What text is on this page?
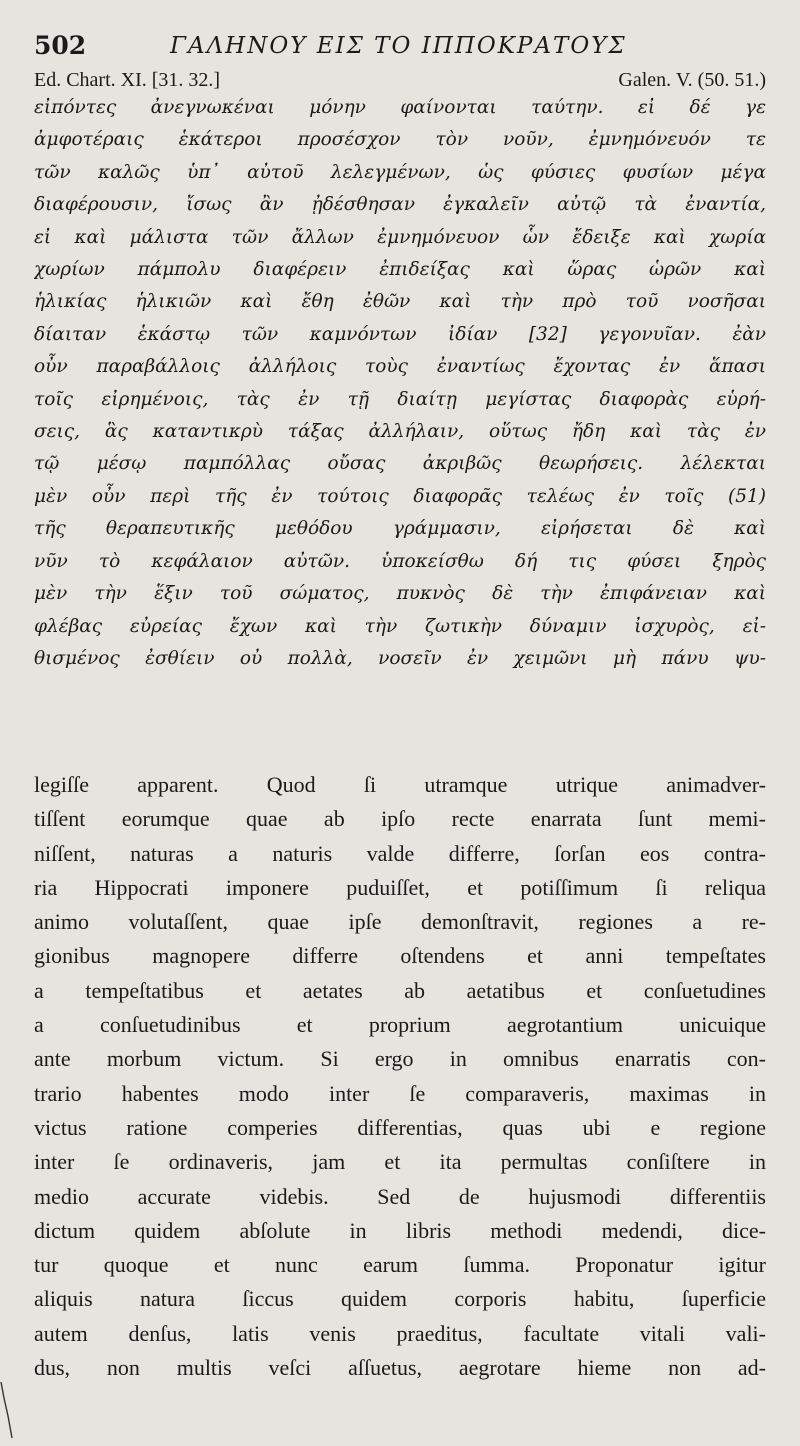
502	ΓΑΛΗΝΟΥ ΕΙΣ ΤΟ ΙΠΠΟΚΡΑΤΟΥΣ
Ed. Chart. XI. [31. 32.]	Galen. V. (50. 51.)
εἰπόντες ἀνεγνωκέναι μόνην φαίνονται ταύτην. εἰ δέ γε
ἀμφοτέραις ἑκάτεροι προσέσχον τὸν νοῦν, ἐμνημόνευόν τε
τῶν καλῶς ὑπ᾽ αὐτοῦ λελεγμένων, ὡς φύσιες φυσίων μέγα
διαφέρουσιν, ἴσως ἂν ᾐδέσθησαν ἐγκαλεῖν αὐτῷ τὰ ἐναντία,
εἰ καὶ μάλιστα τῶν ἄλλων ἐμνημόνευον ὧν ἔδειξε καὶ χωρία
χωρίων πάμπολυ διαφέρειν ἐπιδείξας καὶ ὥρας ὡρῶν καὶ
ἡλικίας ἡλικιῶν καὶ ἔθη ἐθῶν καὶ τὴν πρὸ τοῦ νοσῆσαι
δίαιταν ἑκάστῳ τῶν καμνόντων ἰδίαν [32] γεγονυῖαν. ἐὰν
οὖν παραβάλλοις ἀλλήλοις τοὺς ἐναντίως ἔχοντας ἐν ἅπασι
τοῖς εἰρημένοις, τὰς ἐν τῇ διαίτῃ μεγίστας διαφορὰς εὑρή-
σεις, ἃς καταντικρὺ τάξας ἀλλήλαιν, οὕτως ἤδη καὶ τὰς ἐν
τῷ μέσῳ παμπόλλας οὔσας ἀκριβῶς θεωρήσεις. λέλεκται
μὲν οὖν περὶ τῆς ἐν τούτοις διαφορᾶς τελέως ἐν τοῖς (51)
τῆς θεραπευτικῆς μεθόδου γράμμασιν, εἰρήσεται δὲ καὶ
νῦν τὸ κεφάλαιον αὐτῶν. ὑποκείσθω δή τις φύσει ξηρὸς
μὲν τὴν ἕξιν τοῦ σώματος, πυκνὸς δὲ τὴν ἐπιφάνειαν καὶ
φλέβας εὐρείας ἔχων καὶ τὴν ζωτικὴν δύναμιν ἰσχυρὸς, εἰ-
θισμένος ἐσθίειν οὐ πολλὰ, νοσεῖν ἐν χειμῶνι μὴ πάνυ ψυ-
legiſſe apparent. Quod ſi utramque utrique animadver-
tiſſent eorumque quae ab ipſo recte enarrata ſunt memi-
niſſent, naturas a naturis valde differre, ſorſan eos contra-
ria Hippocrati imponere puduiſſet, et potiſſimum ſi reliqua
animo volutaſſent, quae ipſe demonſtravit, regiones a re-
gionibus magnopere differre oſtendens et anni tempeſtates
a tempeſtatibus et aetates ab aetatibus et conſuetudines
a conſuetudinibus et proprium aegrotantium unicuique
ante morbum victum. Si ergo in omnibus enarratis con-
trario habentes modo inter ſe comparaveris, maximas in
victus ratione comperies differentias, quas ubi e regione
inter ſe ordinaveris, jam et ita permultas conſiſtere in
medio accurate videbis. Sed de hujusmodi differentiis
dictum quidem abſolute in libris methodi medendi, dice-
tur quoque et nunc earum ſumma. Proponatur igitur
aliquis natura ſiccus quidem corporis habitu, ſuperficie
autem denſus, latis venis praeditus, facultate vitali vali-
dus, non multis veſci aſſuetus, aegrotare hieme non ad-
